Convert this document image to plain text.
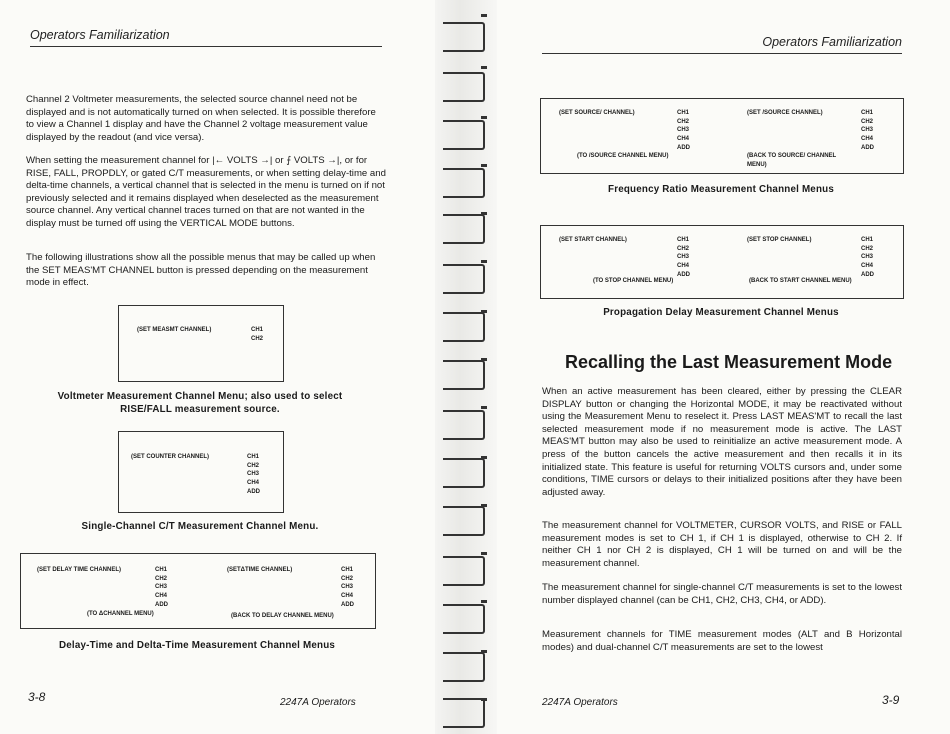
Operators Familiarization

Channel 2 Voltmeter measurements, the selected source channel need not be displayed and is not automatically turned on when selected. It is possible therefore to view a Channel 1 display and have the Channel 2 voltage measurement value displayed by the readout (and vice versa).

When setting the measurement channel for |← VOLTS →| or ⨍ VOLTS →|, or for RISE, FALL, PROPDLY, or gated C/T measurements, or when setting delay-time and delta-time channels, a vertical channel that is selected in the menu is turned on if not previously selected and it remains displayed when deselected as the measurement source channel. Any vertical channel traces turned on that are not wanted in the display must be turned off using the VERTICAL MODE buttons.

The following illustrations show all the possible menus that may be called up when the SET MEAS'MT CHANNEL button is pressed depending on the measurement mode in effect.

(SET MEASMT CHANNEL)	CH1
CH2
Voltmeter Measurement Channel Menu; also used to select RISE/FALL measurement source.
(SET COUNTER CHANNEL)	CH1
CH2
CH3
CH4
ADD
Single-Channel C/T Measurement Channel Menu.
(SET DELAY TIME CHANNEL)	CH1
CH2
CH3
CH4
ADD
(SETΔTIME CHANNEL)	CH1
CH2
CH3
CH4
ADD
(TO ΔCHANNEL MENU)	(BACK TO DELAY CHANNEL MENU)
Delay-Time and Delta-Time Measurement Channel Menus
3-8	2247A Operators
Operators Familiarization
(SET SOURCE/ CHANNEL)	CH1
CH2
CH3
CH4
ADD
(SET /SOURCE CHANNEL)	CH1
CH2
CH3
CH4
ADD
(TO /SOURCE CHANNEL MENU)	(BACK TO SOURCE/ CHANNEL
MENU)
Frequency Ratio Measurement Channel Menus
(SET START CHANNEL)	CH1
CH2
CH3
CH4
ADD
(SET STOP CHANNEL)	CH1
CH2
CH3
CH4
ADD
(TO STOP CHANNEL MENU)	(BACK TO START CHANNEL MENU)
Propagation Delay Measurement Channel Menus
Recalling the Last Measurement Mode

When an active measurement has been cleared, either by pressing the CLEAR DISPLAY button or changing the Horizontal MODE, it may be reactivated without using the Measurement Menu to reselect it. Press LAST MEAS'MT to recall the last selected measurement mode if no measurement mode is active. The LAST MEAS'MT button may also be used to reinitialize an active measurement mode. A press of the button cancels the active measurement and then recalls it in its initialized state. This feature is useful for returning VOLTS cursors and, under some conditions, TIME cursors or delays to their initialized positions after they have been adjusted away.

The measurement channel for VOLTMETER, CURSOR VOLTS, and RISE or FALL measurement modes is set to CH 1, if CH 1 is displayed, otherwise to CH 2. If neither CH 1 nor CH 2 is displayed, CH 1 will be turned on and will be the measurement channel.

The measurement channel for single-channel C/T measurements is set to the lowest number displayed channel (can be CH1, CH2, CH3, CH4, or ADD).

Measurement channels for TIME measurement modes (ALT and B Horizontal modes) and dual-channel C/T measurements are set to the lowest

2247A Operators	3-9
